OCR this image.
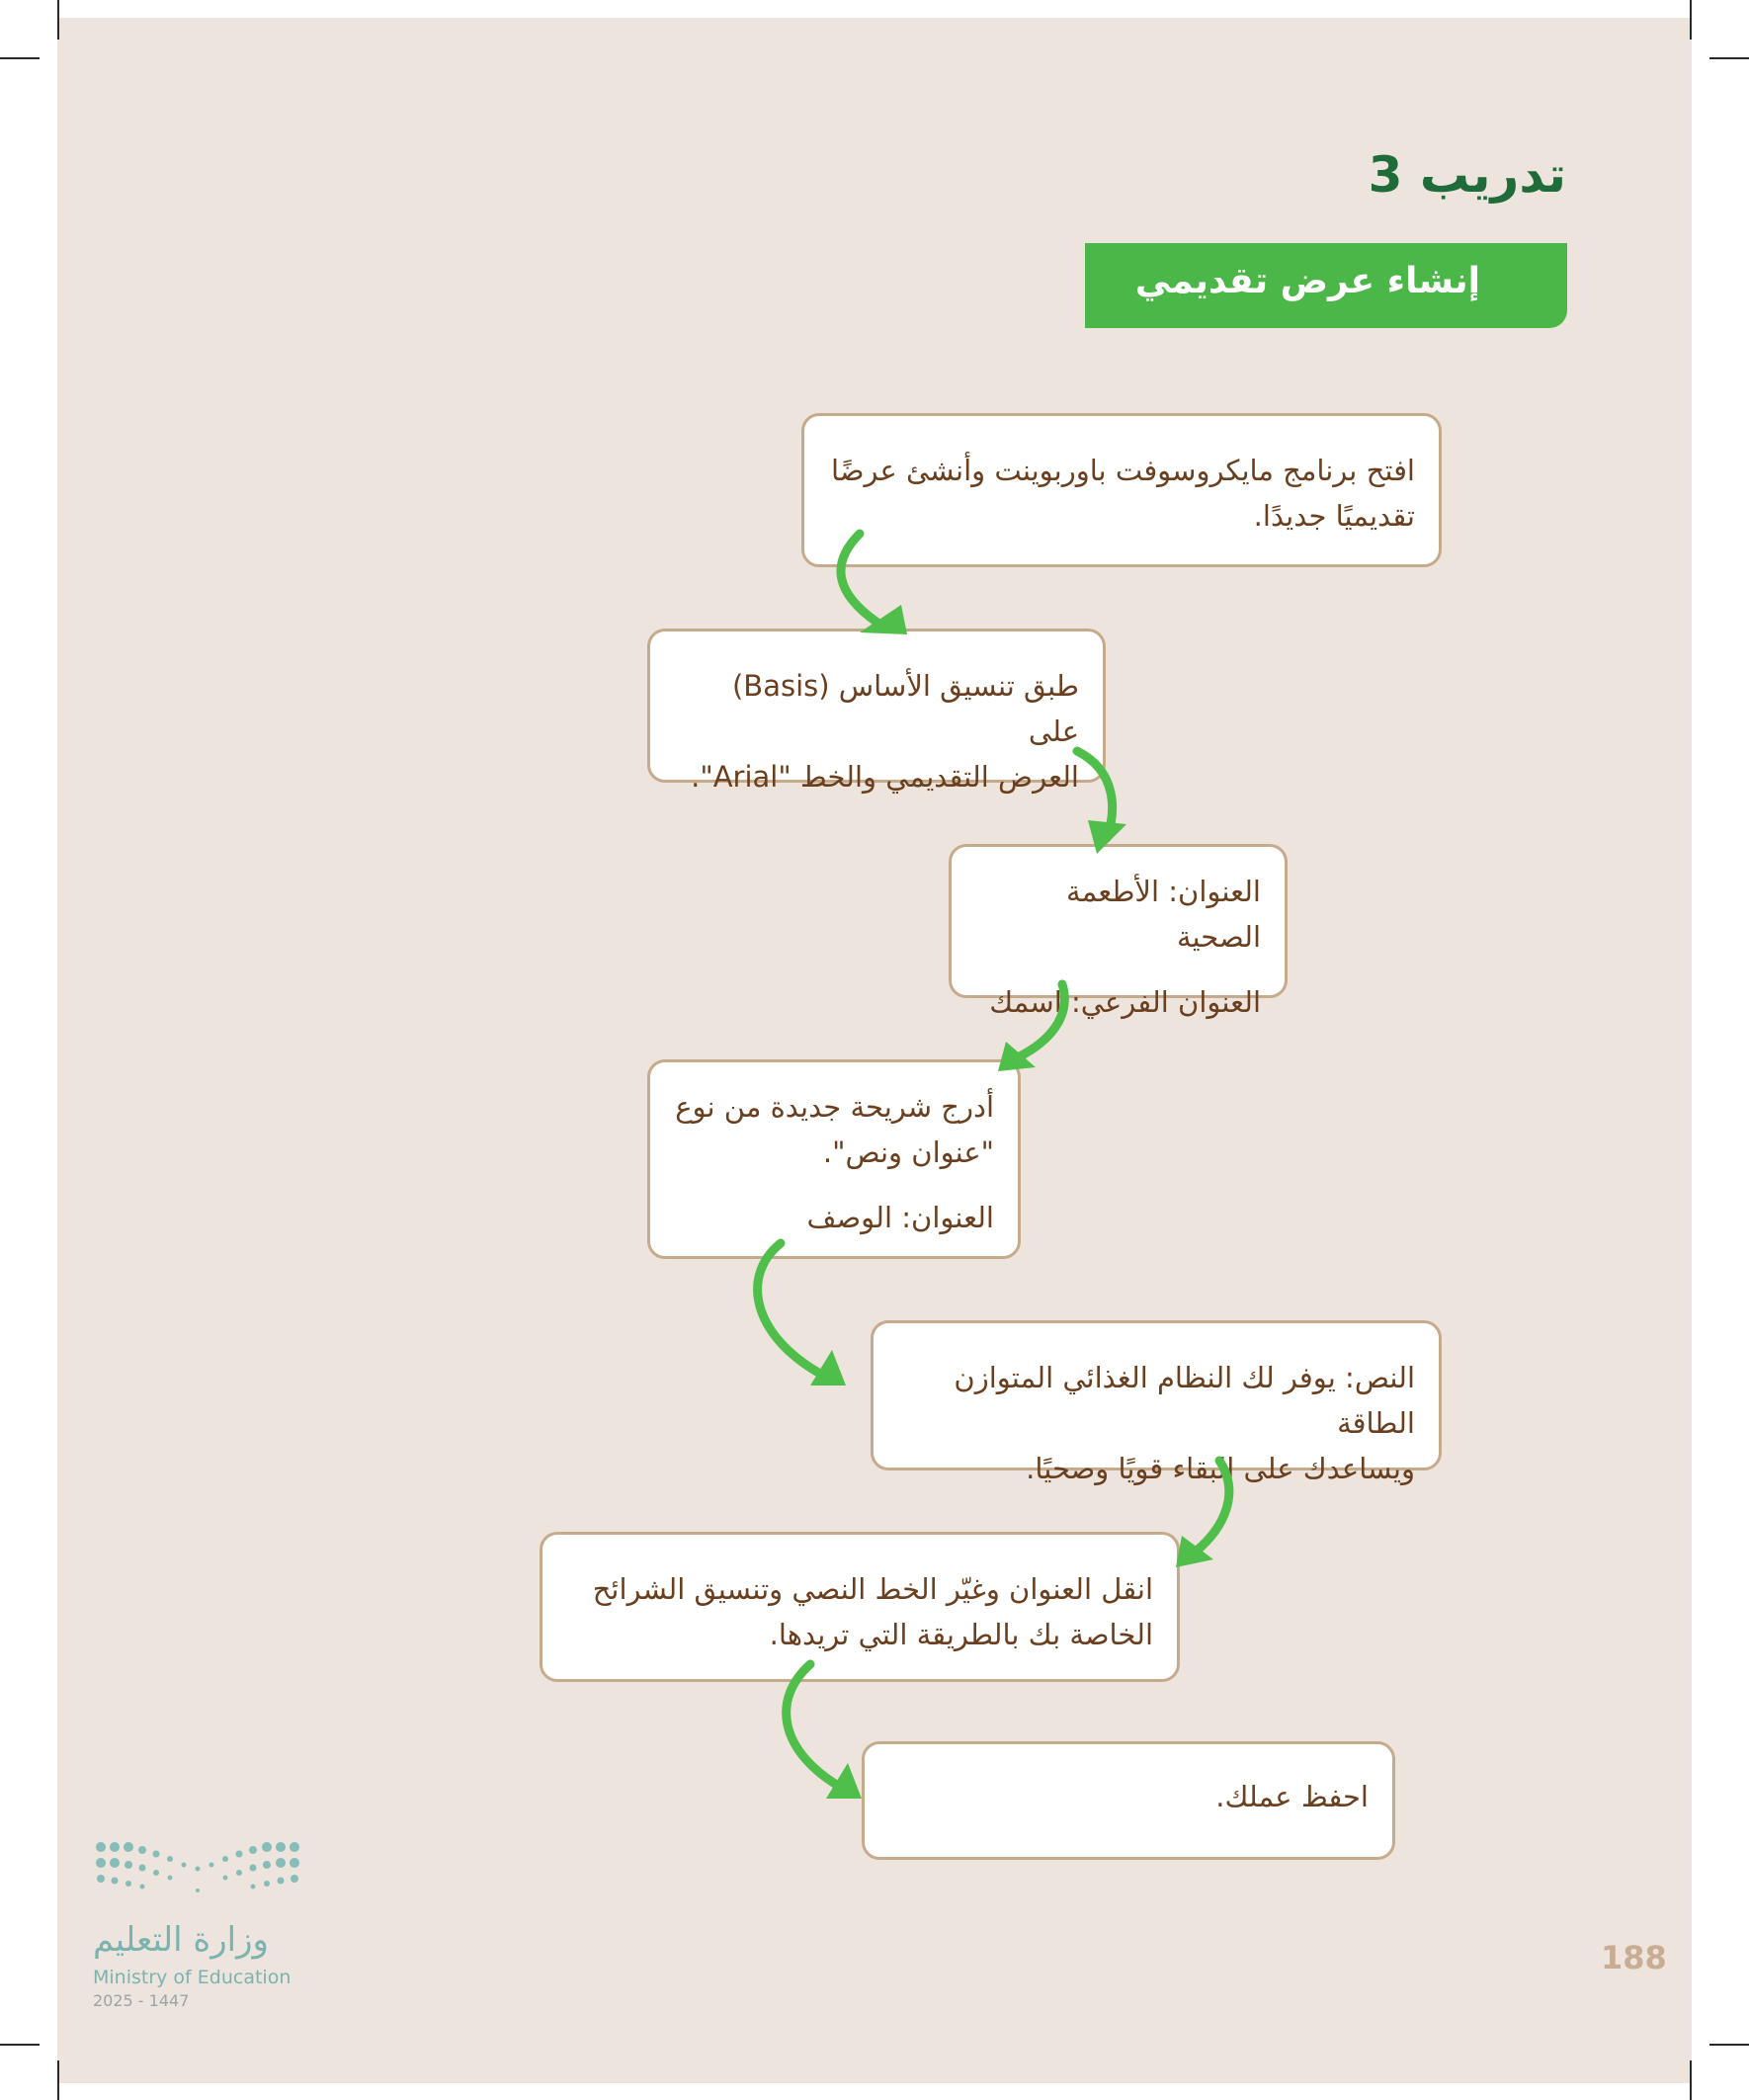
تدريب 3
إنشاء عرض تقديمي

افتح برنامج مايكروسوفت باوربوينت وأنشئ عرضًا

تقديميًا جديدًا.

طبق تنسيق الأساس (Basis) على

العرض التقديمي والخط "Arial".

العنوان: الأطعمة الصحية

العنوان الفرعي: اسمك

أدرج شريحة جديدة من نوع

"عنوان ونص".

العنوان: الوصف

النص: يوفر لك النظام الغذائي المتوازن الطاقة

ويساعدك على البقاء قويًا وصحيًا.

انقل العنوان وغيّر الخط النصي وتنسيق الشرائح

الخاصة بك بالطريقة التي تريدها.

احفظ عملك.

وزارة التعليم
Ministry of Education
2025 - 1447
188
